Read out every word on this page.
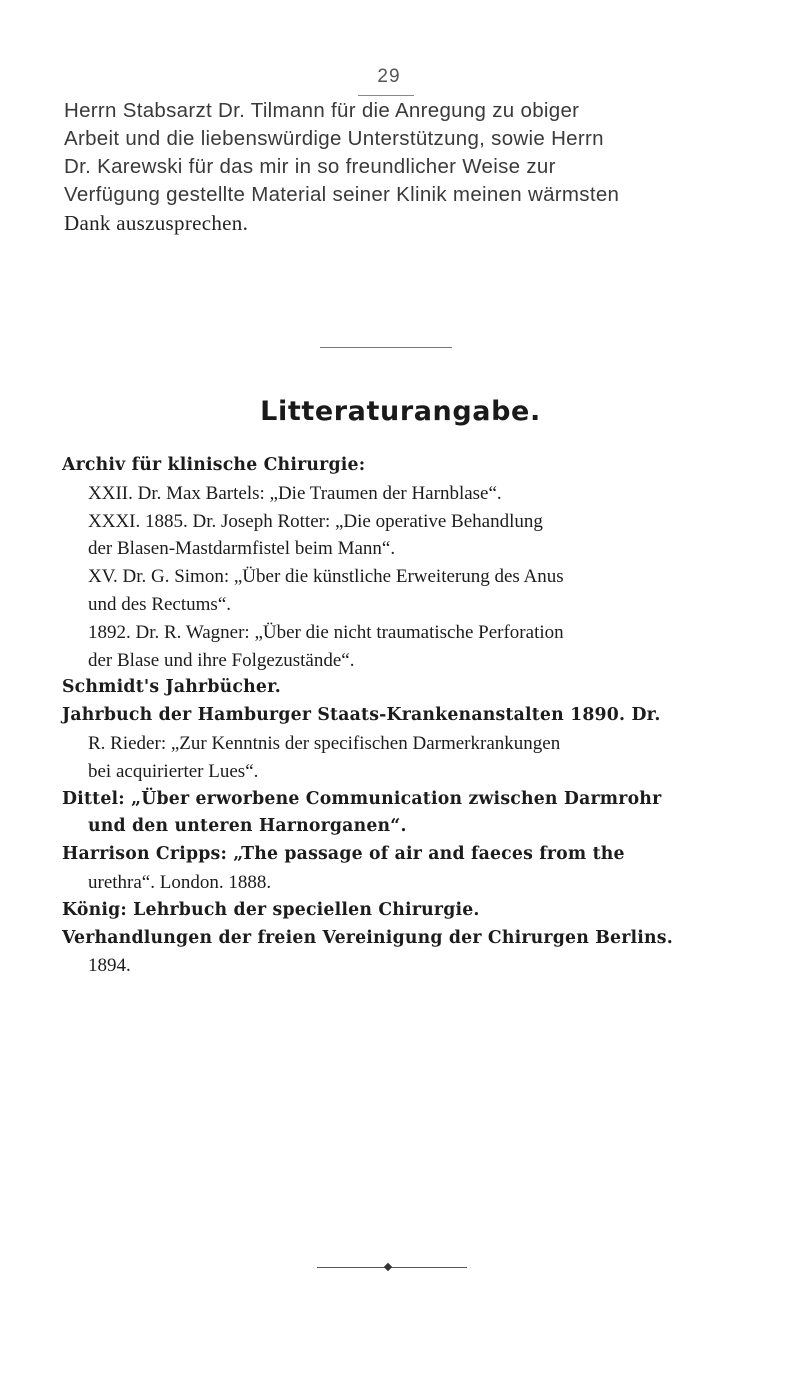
29
Herrn Stabsarzt Dr. Tilmann für die Anregung zu obiger
Arbeit und die liebenswürdige Unterstützung, sowie Herrn
Dr. Karewski für das mir in so freundlicher Weise zur
Verfügung gestellte Material seiner Klinik meinen wärmsten
Dank auszusprechen.
Litteraturangabe.
Archiv für klinische Chirurgie:
XXII. Dr. Max Bartels: „Die Traumen der Harnblase“.
XXXI. 1885. Dr. Joseph Rotter: „Die operative Behandlung
der Blasen-Mastdarmfistel beim Mann“.
XV. Dr. G. Simon: „Über die künstliche Erweiterung des Anus
und des Rectums“.
1892. Dr. R. Wagner: „Über die nicht traumatische Perforation
der Blase und ihre Folgezustände“.
Schmidt's Jahrbücher.
Jahrbuch der Hamburger Staats-Krankenanstalten 1890. Dr.
R. Rieder: „Zur Kenntnis der specifischen Darmerkrankungen
bei acquirierter Lues“.
Dittel: „Über erworbene Communication zwischen Darmrohr
und den unteren Harnorganen“.
Harrison Cripps: „The passage of air and faeces from the
urethra“. London. 1888.
König: Lehrbuch der speciellen Chirurgie.
Verhandlungen der freien Vereinigung der Chirurgen Berlins.
1894.
